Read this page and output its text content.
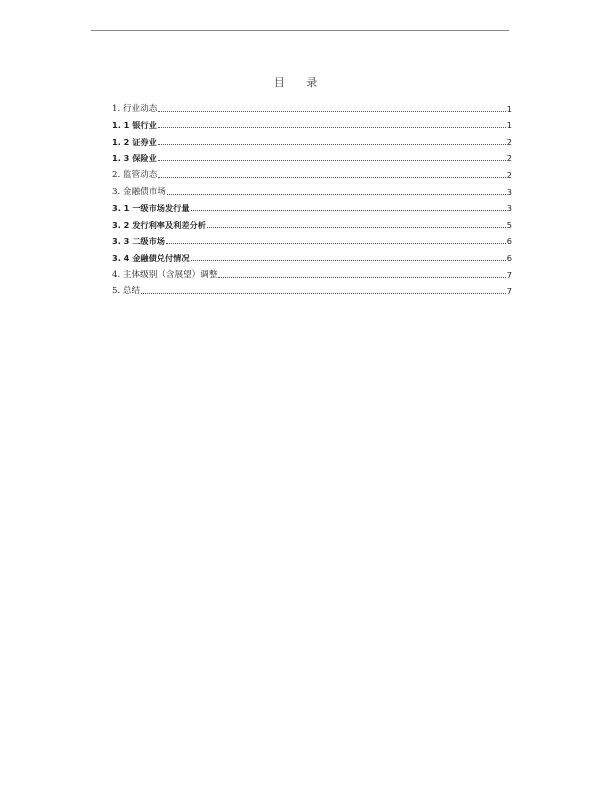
目 录
1. 行业动态	1
1. 1 银行业	1
1. 2 证券业	2
1. 3 保险业	2
2. 监管动态	2
3. 金融债市场	3
3. 1 一级市场发行量	3
3. 2 发行利率及利差分析	5
3. 3 二级市场	6
3. 4 金融债兑付情况	6
4. 主体级别（含展望）调整	7
5. 总结	7
